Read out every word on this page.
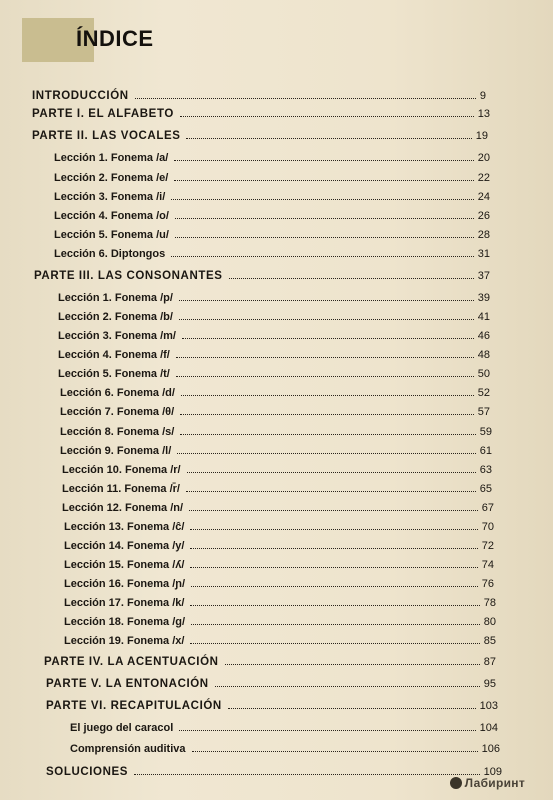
ÍNDICE
INTRODUCCIÓN	9
PARTE I. EL ALFABETO	13
PARTE II. LAS VOCALES	19
Lección 1. Fonema /a/	20
Lección 2. Fonema /e/	22
Lección 3. Fonema /i/	24
Lección 4. Fonema /o/	26
Lección 5. Fonema /u/	28
Lección 6. Diptongos	31
PARTE III. LAS CONSONANTES	37
Lección 1. Fonema /p/	39
Lección 2. Fonema /b/	41
Lección 3. Fonema /m/	46
Lección 4. Fonema /f/	48
Lección 5. Fonema /t/	50
Lección 6. Fonema /d/	52
Lección 7. Fonema /θ/	57
Lección 8. Fonema /s/	59
Lección 9. Fonema /l/	61
Lección 10. Fonema /r/	63
Lección 11. Fonema /r̄/	65
Lección 12. Fonema /n/	67
Lección 13. Fonema /ĉ/	70
Lección 14. Fonema /y/	72
Lección 15. Fonema /ʎ/	74
Lección 16. Fonema /ɲ/	76
Lección 17. Fonema /k/	78
Lección 18. Fonema /g/	80
Lección 19. Fonema /x/	85
PARTE IV. LA ACENTUACIÓN	87
PARTE V. LA ENTONACIÓN	95
PARTE VI. RECAPITULACIÓN	103
El juego del caracol	104
Comprensión auditiva	106
SOLUCIONES	109
Лабиринт
